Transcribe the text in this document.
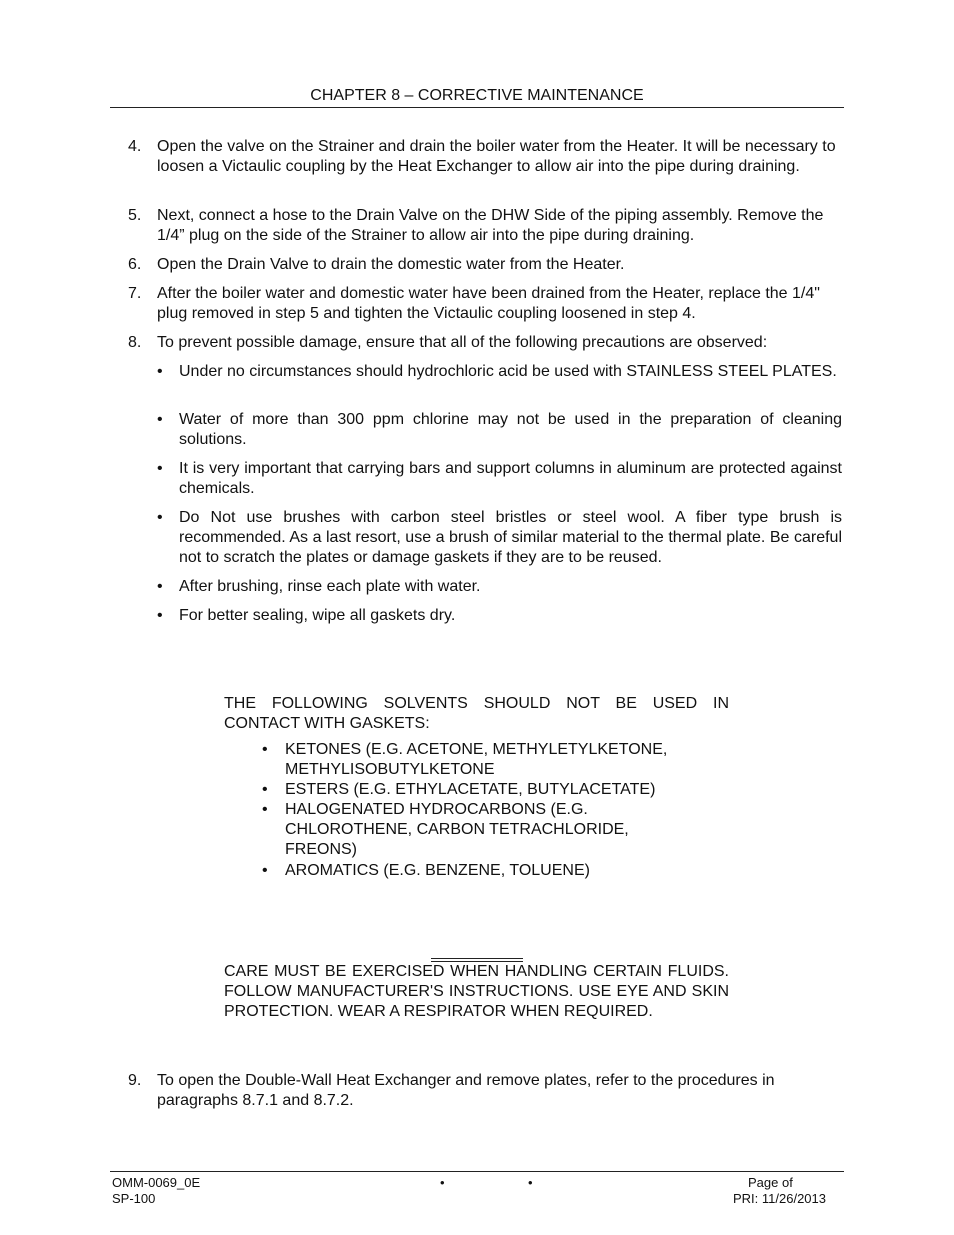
CHAPTER 8 – CORRECTIVE MAINTENANCE
4. Open the valve on the Strainer and drain the boiler water from the Heater. It will be necessary to loosen a Victaulic coupling by the Heat Exchanger to allow air into the pipe during draining.
5. Next, connect a hose to the Drain Valve on the DHW Side of the piping assembly. Remove the 1/4” plug on the side of the Strainer to allow air into the pipe during draining.
6. Open the Drain Valve to drain the domestic water from the Heater.
7. After the boiler water and domestic water have been drained from the Heater, replace the 1/4" plug removed in step 5 and tighten the Victaulic coupling loosened in step 4.
8. To prevent possible damage, ensure that all of the following precautions are observed:
• Under no circumstances should hydrochloric acid be used with STAINLESS STEEL PLATES.
• Water of more than 300 ppm chlorine may not be used in the preparation of cleaning solutions.
• It is very important that carrying bars and support columns in aluminum are protected against chemicals.
• Do Not use brushes with carbon steel bristles or steel wool. A fiber type brush is recommended. As a last resort, use a brush of similar material to the thermal plate. Be careful not to scratch the plates or damage gaskets if they are to be reused.
• After brushing, rinse each plate with water.
• For better sealing, wipe all gaskets dry.
THE FOLLOWING SOLVENTS SHOULD NOT BE USED IN CONTACT WITH GASKETS:
• KETONES (E.G. ACETONE, METHYLETYLKETONE, METHYLISOBUTYLKETONE
• ESTERS (E.G. ETHYLACETATE, BUTYLACETATE)
• HALOGENATED HYDROCARBONS (E.G. CHLOROTHENE, CARBON TETRACHLORIDE, FREONS)
• AROMATICS (E.G. BENZENE, TOLUENE)
CARE MUST BE EXERCISED WHEN HANDLING CERTAIN FLUIDS. FOLLOW MANUFACTURER'S INSTRUCTIONS. USE EYE AND SKIN PROTECTION. WEAR A RESPIRATOR WHEN REQUIRED.
9. To open the Double-Wall Heat Exchanger and remove plates, refer to the procedures in paragraphs 8.7.1 and 8.7.2.
OMM-0069_0E
SP-100
•	•	Page of
PRI: 11/26/2013
